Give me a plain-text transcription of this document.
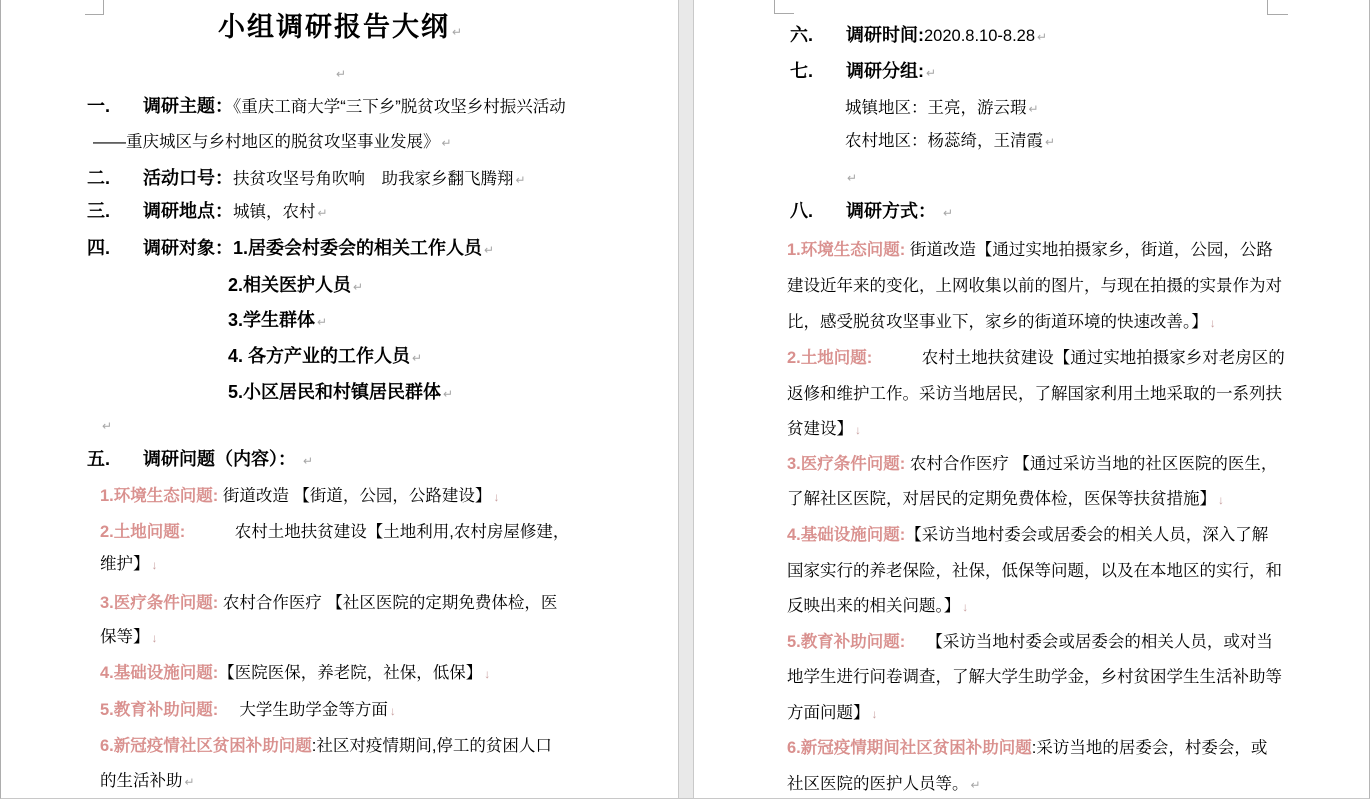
小组调研报告大纲 ↵
↵
一. 调研主题：《重庆工商大学“三下乡”脱贫攻坚乡村振兴活动
——重庆城区与乡村地区的脱贫攻坚事业发展》 ↵
二. 活动口号：扶贫攻坚号角吹响　助我家乡翻飞腾翔 ↵
三. 调研地点：城镇，农村 ↵
四. 调研对象：1.居委会村委会的相关工作人员 ↵
2.相关医护人员 ↵
3.学生群体 ↵
4. 各方产业的工作人员 ↵
5.小区居民和村镇居民群体 ↵
↵
五. 调研问题（内容）： ↵
1.环境生态问题: 街道改造 【街道，公园，公路建设】 ↓
2.土地问题:　　　农村土地扶贫建设【土地利用,农村房屋修建，
维护】 ↓
3.医疗条件问题: 农村合作医疗 【社区医院的定期免费体检，医
保等】 ↓
4.基础设施问题:【医院医保，养老院，社保，低保】 ↓
5.教育补助问题:　 大学生助学金等方面 ↓
6.新冠疫情社区贫困补助问题:社区对疫情期间,停工的贫困人口
的生活补助 ↵
六. 调研时间:2020.8.10-8.28 ↵
七. 调研分组: ↵
城镇地区：王亮，游云瑕 ↵
农村地区：杨蕊绮，王清霞 ↵
↵
八. 调研方式： ↵
1.环境生态问题: 街道改造【通过实地拍摄家乡，街道，公园，公路
建设近年来的变化，上网收集以前的图片，与现在拍摄的实景作为对
比，感受脱贫攻坚事业下，家乡的街道环境的快速改善。】 ↓
2.土地问题:　　　农村土地扶贫建设【通过实地拍摄家乡对老房区的
返修和维护工作。采访当地居民，了解国家利用土地采取的一系列扶
贫建设】 ↓
3.医疗条件问题: 农村合作医疗 【通过采访当地的社区医院的医生，
了解社区医院，对居民的定期免费体检，医保等扶贫措施】 ↓
4.基础设施问题:【采访当地村委会或居委会的相关人员，深入了解
国家实行的养老保险，社保，低保等问题，以及在本地区的实行，和
反映出来的相关问题。】 ↓
5.教育补助问题:　 【采访当地村委会或居委会的相关人员，或对当
地学生进行问卷调查，了解大学生助学金，乡村贫困学生生活补助等
方面问题】 ↓
6.新冠疫情期间社区贫困补助问题:采访当地的居委会，村委会，或
社区医院的医护人员等。 ↵
